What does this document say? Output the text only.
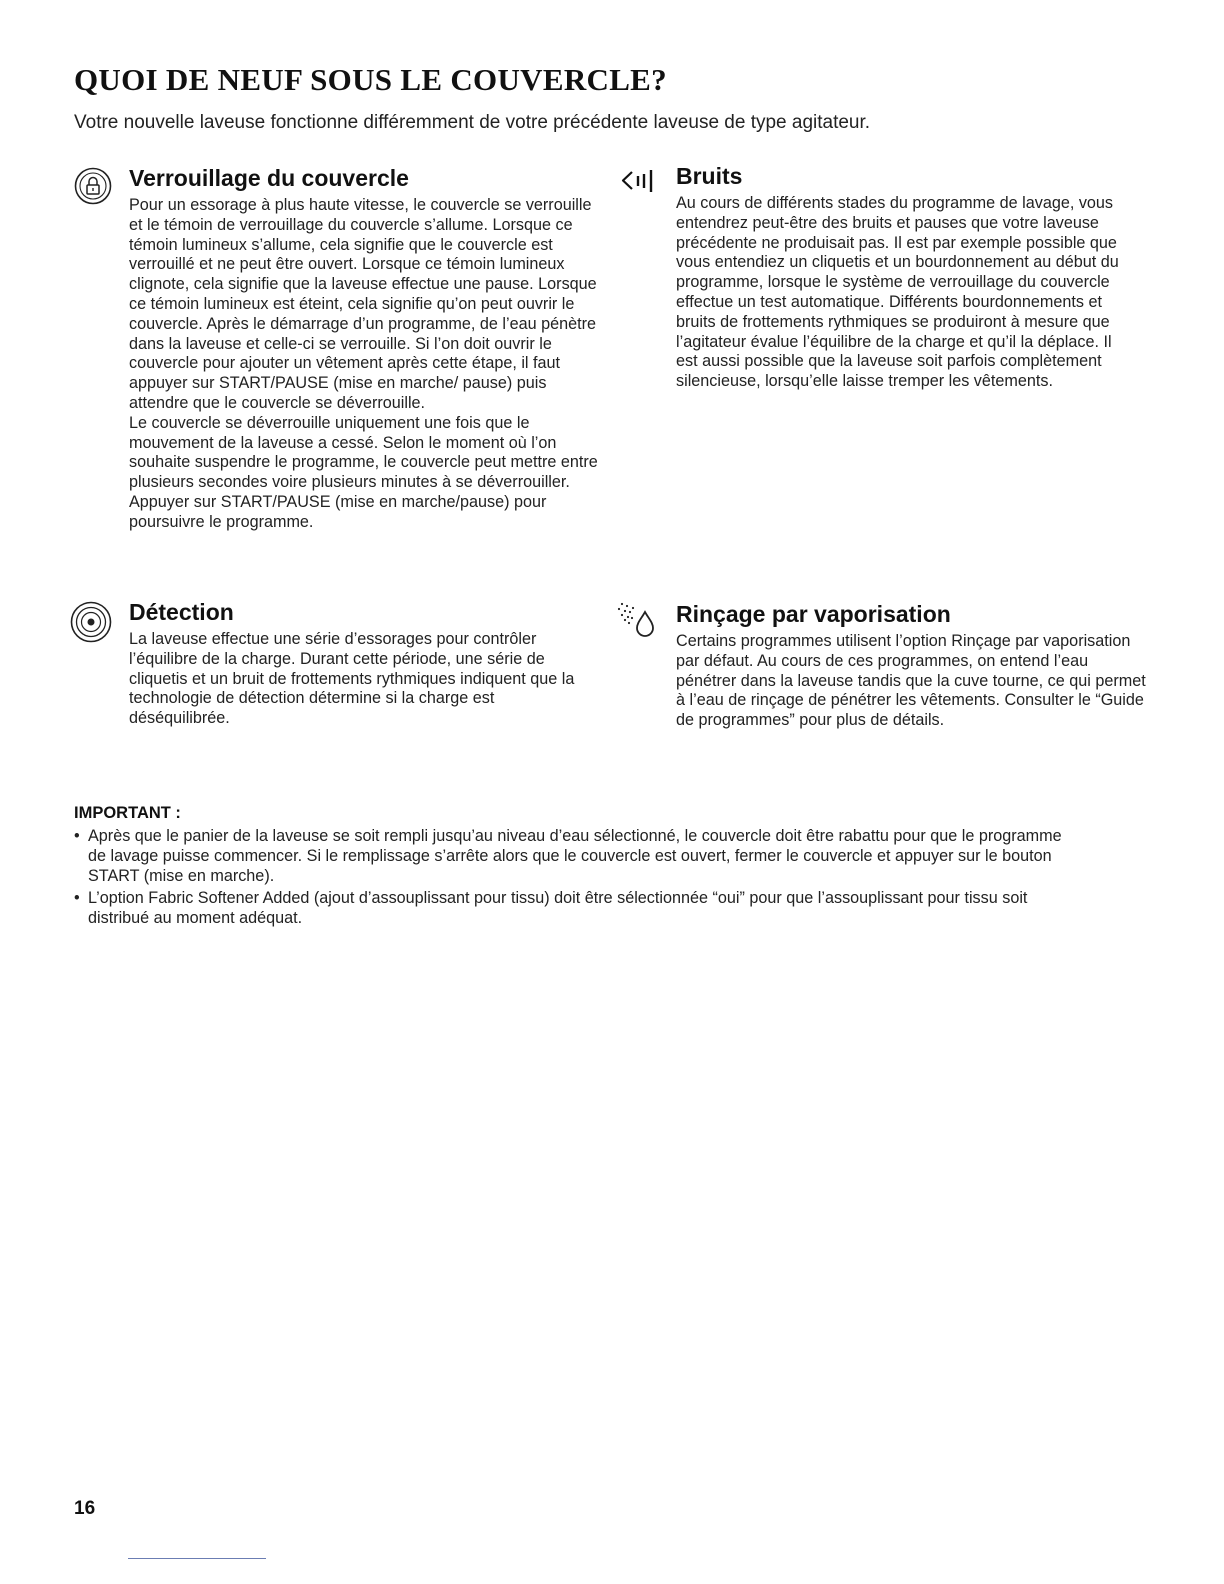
QUOI DE NEUF SOUS LE COUVERCLE?

Votre nouvelle laveuse fonctionne différemment de votre précédente laveuse de type agitateur.

Verrouillage du couvercle

Pour un essorage à plus haute vitesse, le couvercle se verrouille et le témoin de verrouillage du couvercle s’allume. Lorsque ce témoin lumineux s’allume, cela signifie que le couvercle est verrouillé et ne peut être ouvert. Lorsque ce témoin lumineux clignote, cela signifie que la laveuse effectue une pause. Lorsque ce témoin lumineux est éteint, cela signifie qu’on peut ouvrir le couvercle. Après le démarrage d’un programme, de l’eau pénètre dans la laveuse et celle-ci se verrouille. Si l’on doit ouvrir le couvercle pour ajouter un vêtement après cette étape, il faut appuyer sur START/PAUSE (mise en marche/ pause) puis attendre que le couvercle se déverrouille.

Le couvercle se déverrouille uniquement une fois que le mouvement de la laveuse a cessé. Selon le moment où l’on souhaite suspendre le programme, le couvercle peut mettre entre plusieurs secondes voire plusieurs minutes à se déverrouiller. Appuyer sur START/PAUSE (mise en marche/pause) pour poursuivre le programme.

Bruits

Au cours de différents stades du programme de lavage, vous entendrez peut-être des bruits et pauses que votre laveuse précédente ne produisait pas. Il est par exemple possible que vous entendiez un cliquetis et un bourdonnement au début du programme, lorsque le système de verrouillage du couvercle effectue un test automatique. Différents bourdonnements et bruits de frottements rythmiques se produiront à mesure que l’agitateur évalue l’équilibre de la charge et qu’il la déplace. Il est aussi possible que la laveuse soit parfois complètement silencieuse, lorsqu’elle laisse tremper les vêtements.

Détection

La laveuse effectue une série d’essorages pour contrôler l’équilibre de la charge. Durant cette période, une série de cliquetis et un bruit de frottements rythmiques indiquent que la technologie de détection détermine si la charge est déséquilibrée.

Rinçage par vaporisation

Certains programmes utilisent l’option Rinçage par vaporisation par défaut. Au cours de ces programmes, on entend l’eau pénétrer dans la laveuse tandis que la cuve tourne, ce qui permet à l’eau de rinçage de pénétrer les vêtements. Consulter le “Guide de programmes” pour plus de détails.

IMPORTANT :
• Après que le panier de la laveuse se soit rempli jusqu’au niveau d’eau sélectionné, le couvercle doit être rabattu pour que le programme de lavage puisse commencer. Si le remplissage s’arrête alors que le couvercle est ouvert, fermer le couvercle et appuyer sur le bouton START (mise en marche).
• L’option Fabric Softener Added (ajout d’assouplissant pour tissu) doit être sélectionnée “oui” pour que l’assouplissant pour tissu soit distribué au moment adéquat.
16
